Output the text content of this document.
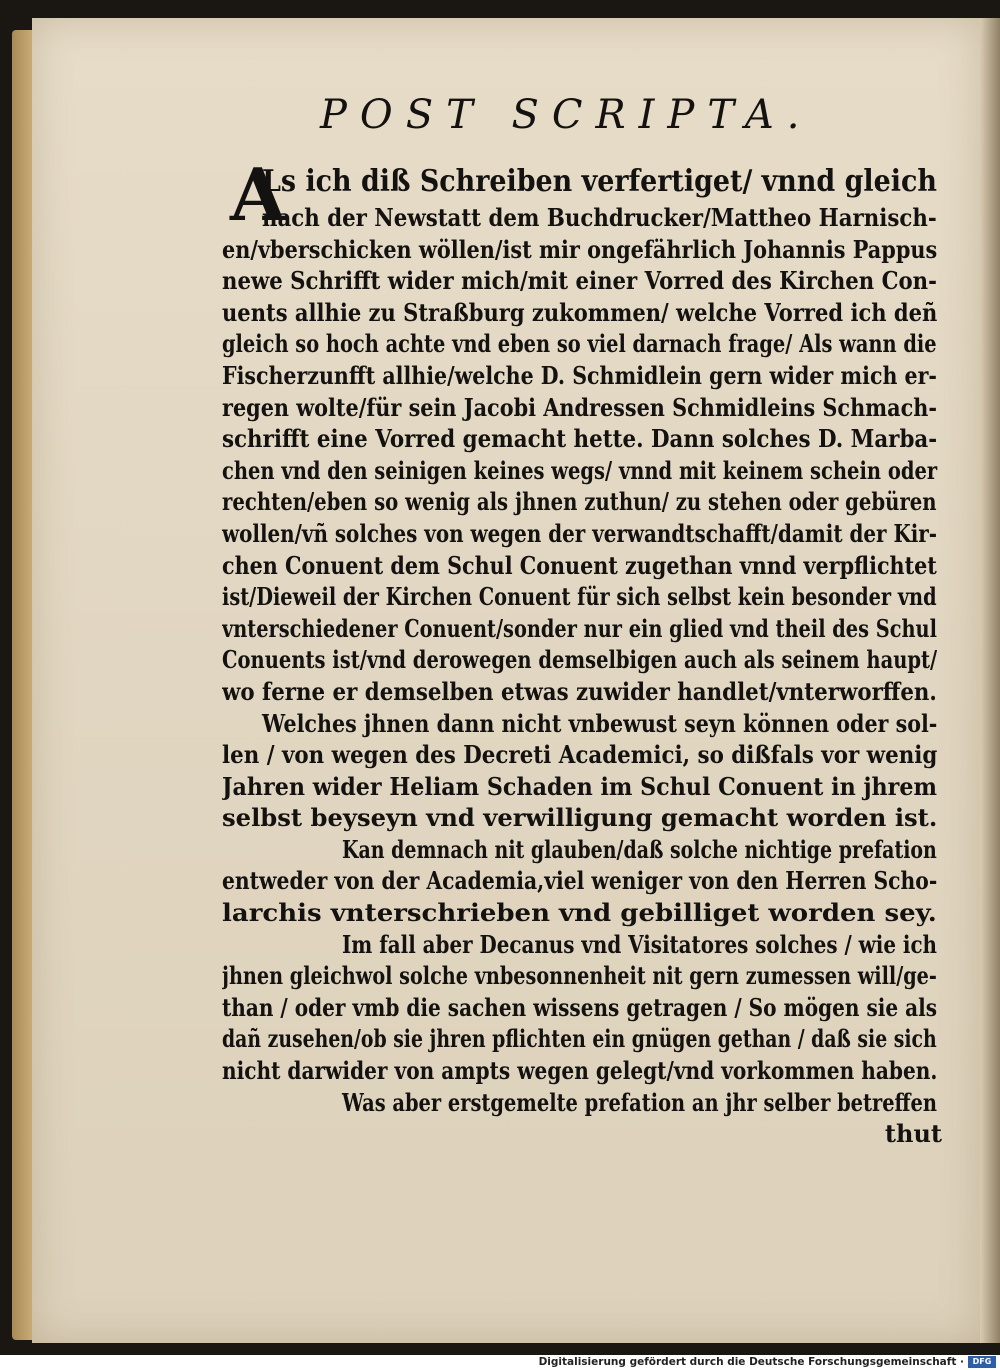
POST SCRIPTA.
A
Ls ich diß Schreiben verfertiget/ vnnd gleich
nach der Newstatt dem Buchdrucker/Mattheo Harnisch-
en/vberschicken wöllen/ist mir ongefährlich Johannis Pappus
newe Schrifft wider mich/mit einer Vorred des Kirchen Con-
uents allhie zu Straßburg zukommen/ welche Vorred ich deñ
gleich so hoch achte vnd eben so viel darnach frage/ Als wann die
Fischerzunfft allhie/welche D. Schmidlein gern wider mich er-
regen wolte/für sein Jacobi Andressen Schmidleins Schmach-
schrifft eine Vorred gemacht hette. Dann solches D. Marba-
chen vnd den seinigen keines wegs/ vnnd mit keinem schein oder
rechten/eben so wenig als jhnen zuthun/ zu stehen oder gebüren
wollen/vñ solches von wegen der verwandtschafft/damit der Kir-
chen Conuent dem Schul Conuent zugethan vnnd verpflichtet
ist/Dieweil der Kirchen Conuent für sich selbst kein besonder vnd
vnterschiedener Conuent/sonder nur ein glied vnd theil des Schul
Conuents ist/vnd derowegen demselbigen auch als seinem haupt/
wo ferne er demselben etwas zuwider handlet/vnterworffen.
Welches jhnen dann nicht vnbewust seyn können oder sol-
len / von wegen des Decreti Academici, so dißfals vor wenig
Jahren wider Heliam Schaden im Schul Conuent in jhrem
selbst beyseyn vnd verwilligung gemacht worden ist.
Kan demnach nit glauben/daß solche nichtige prefation
entweder von der Academia,viel weniger von den Herren Scho-
larchis vnterschrieben vnd gebilliget worden sey.
Im fall aber Decanus vnd Visitatores solches / wie ich
jhnen gleichwol solche vnbesonnenheit nit gern zumessen will/ge-
than / oder vmb die sachen wissens getragen / So mögen sie als
dañ zusehen/ob sie jhren pflichten ein gnügen gethan / daß sie sich
nicht darwider von ampts wegen gelegt/vnd vorkommen haben.
Was aber erstgemelte prefation an jhr selber betreffen
thut
Digitalisierung gefördert durch die Deutsche Forschungsgemeinschaft ·	DFG
